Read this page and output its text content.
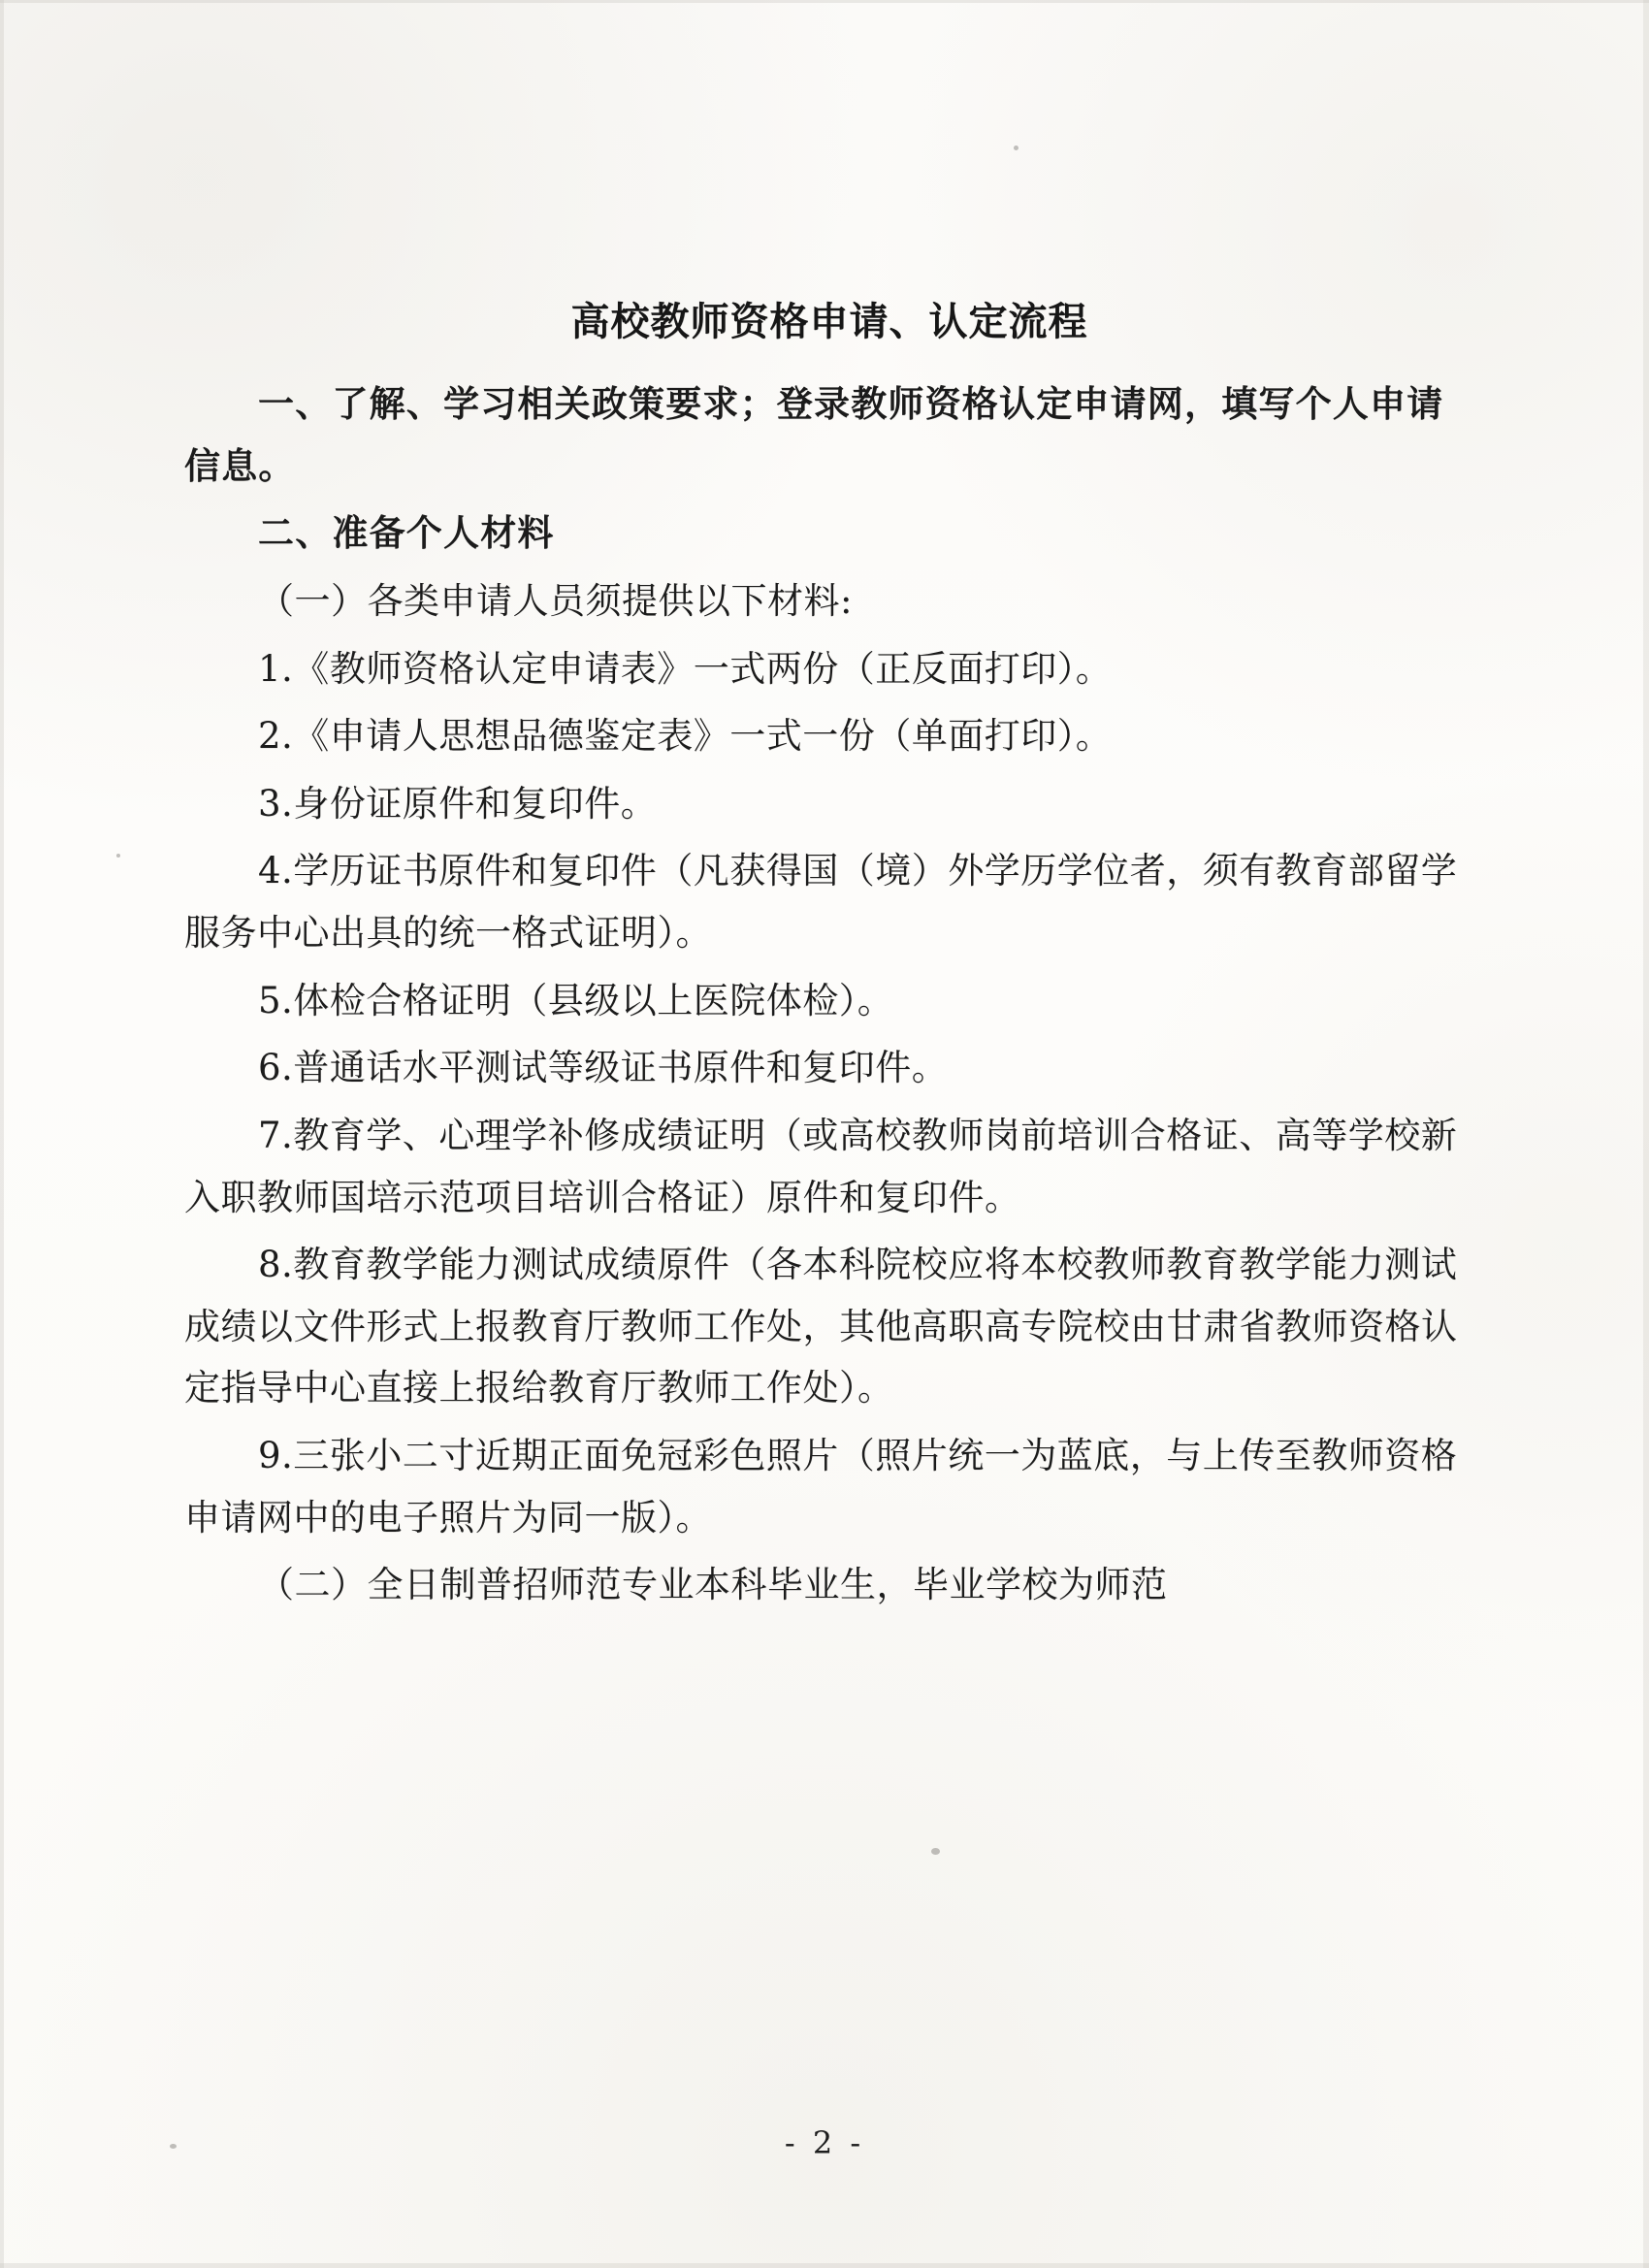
高校教师资格申请、认定流程

一、了解、学习相关政策要求；登录教师资格认定申请网，填写个人申请信息。

二、准备个人材料

（一）各类申请人员须提供以下材料:

1.《教师资格认定申请表》一式两份（正反面打印）。

2.《申请人思想品德鉴定表》一式一份（单面打印）。

3.身份证原件和复印件。

4.学历证书原件和复印件（凡获得国（境）外学历学位者，须有教育部留学服务中心出具的统一格式证明）。

5.体检合格证明（县级以上医院体检）。

6.普通话水平测试等级证书原件和复印件。

7.教育学、心理学补修成绩证明（或高校教师岗前培训合格证、高等学校新入职教师国培示范项目培训合格证）原件和复印件。

8.教育教学能力测试成绩原件（各本科院校应将本校教师教育教学能力测试成绩以文件形式上报教育厅教师工作处，其他高职高专院校由甘肃省教师资格认定指导中心直接上报给教育厅教师工作处）。

9.三张小二寸近期正面免冠彩色照片（照片统一为蓝底，与上传至教师资格申请网中的电子照片为同一版）。

（二）全日制普招师范专业本科毕业生，毕业学校为师范

- 2 -
